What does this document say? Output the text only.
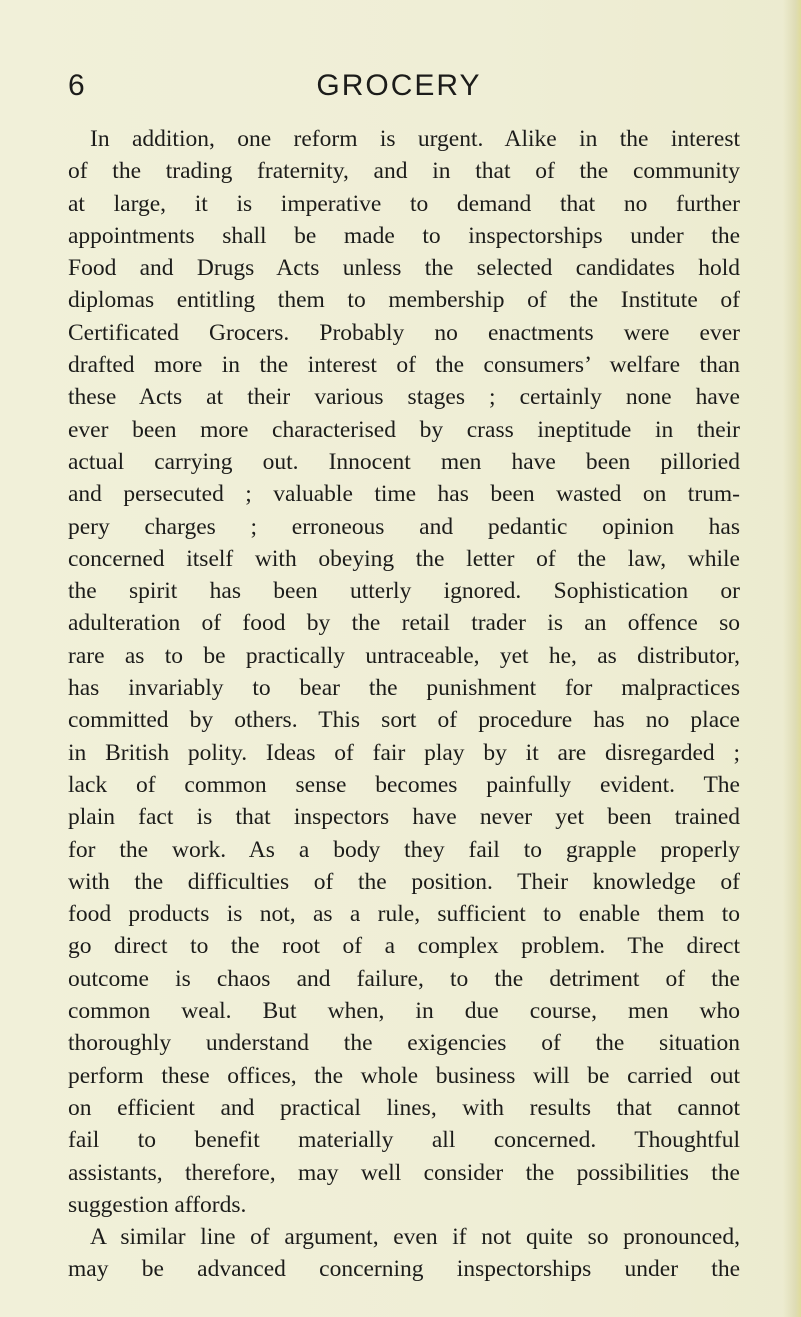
6	GROCERY
In addition, one reform is urgent. Alike in the interest
of the trading fraternity, and in that of the community
at large, it is imperative to demand that no further
appointments shall be made to inspectorships under the
Food and Drugs Acts unless the selected candidates hold
diplomas entitling them to membership of the Institute of
Certificated Grocers. Probably no enactments were ever
drafted more in the interest of the consumers’ welfare than
these Acts at their various stages ; certainly none have
ever been more characterised by crass ineptitude in their
actual carrying out. Innocent men have been pilloried
and persecuted ; valuable time has been wasted on trum-
pery charges ; erroneous and pedantic opinion has
concerned itself with obeying the letter of the law, while
the spirit has been utterly ignored. Sophistication or
adulteration of food by the retail trader is an offence so
rare as to be practically untraceable, yet he, as distributor,
has invariably to bear the punishment for malpractices
committed by others. This sort of procedure has no place
in British polity. Ideas of fair play by it are disregarded ;
lack of common sense becomes painfully evident. The
plain fact is that inspectors have never yet been trained
for the work. As a body they fail to grapple properly
with the difficulties of the position. Their knowledge of
food products is not, as a rule, sufficient to enable them to
go direct to the root of a complex problem. The direct
outcome is chaos and failure, to the detriment of the
common weal. But when, in due course, men who
thoroughly understand the exigencies of the situation
perform these offices, the whole business will be carried out
on efficient and practical lines, with results that cannot
fail to benefit materially all concerned. Thoughtful
assistants, therefore, may well consider the possibilities the
suggestion affords.
A similar line of argument, even if not quite so pronounced,
may be advanced concerning inspectorships under the
